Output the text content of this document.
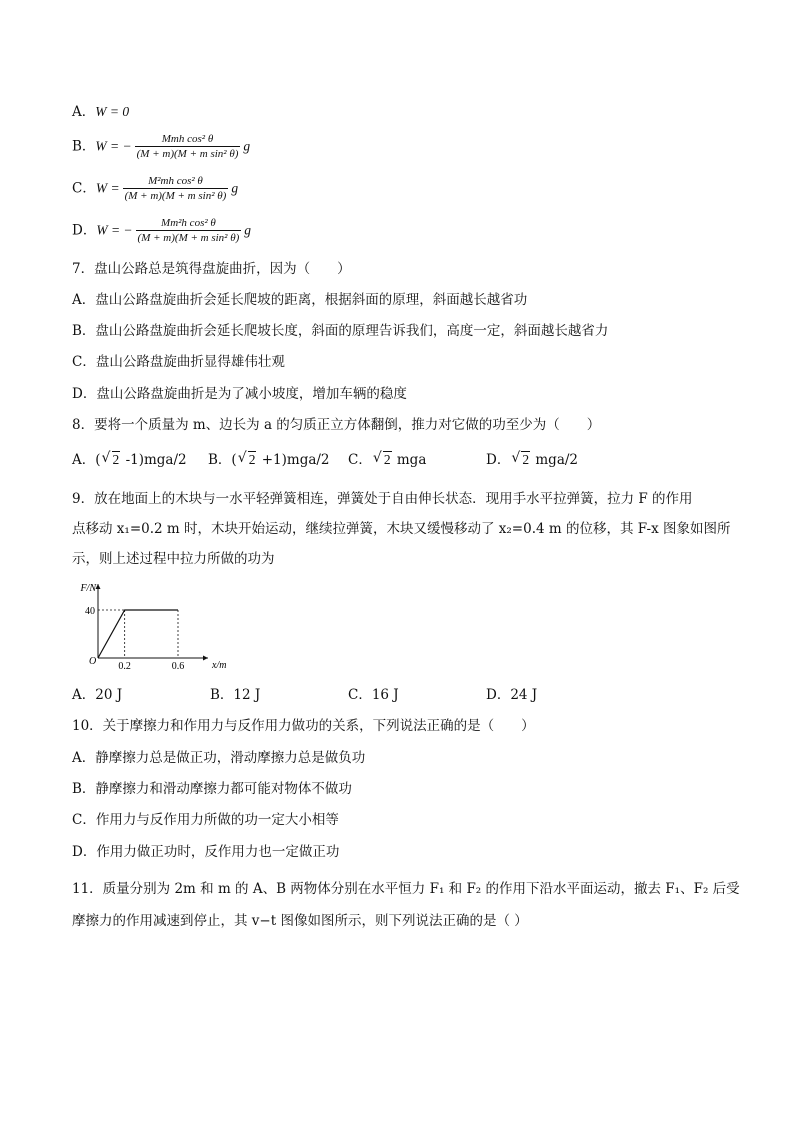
A．W = 0
B．W = − $\frac{\text{Mmh cos² θ}}{\text{(M + m)(M + m sin² θ)}}$ g
C．$W = \frac{\text{M²mh cos² θ}}{\text{(M + m)(M + m sin² θ)}}$ g
D．W = − $\frac{\text{Mm²h cos² θ}}{\text{(M + m)(M + m sin² θ)}}$ g
7．盘山公路总是筑得盘旋曲折，因为（　　）
A．盘山公路盘旋曲折会延长爬坡的距离，根据斜面的原理，斜面越长越省功
B．盘山公路盘旋曲折会延长爬坡长度，斜面的原理告诉我们，高度一定，斜面越长越省力
C．盘山公路盘旋曲折显得雄伟壮观
D．盘山公路盘旋曲折是为了减小坡度，增加车辆的稳度
8．要将一个质量为 m、边长为 a 的匀质正立方体翻倒，推力对它做的功至少为（　　）
A．( √ 2 -1)mga/2 B．( √ 2 +1)mga/2 C． √ 2 mga	D． √ 2 mga/2
9．放在地面上的木块与一水平轻弹簧相连，弹簧处于自由伸长状态．现用手水平拉弹簧，拉力 F 的作用
点移动 x₁=0.2 m 时，木块开始运动，继续拉弹簧，木块又缓慢移动了 x₂=0.4 m 的位移，其 F-x 图象如图所
示，则上述过程中拉力所做的功为
F/N
x/m
O
40
0.2	0.6
A．20 J	B．12 J	C．16 J	D．24 J
10．关于摩擦力和作用力与反作用力做功的关系，下列说法正确的是（　　）
A．静摩擦力总是做正功，滑动摩擦力总是做负功
B．静摩擦力和滑动摩擦力都可能对物体不做功
C．作用力与反作用力所做的功一定大小相等
D．作用力做正功时，反作用力也一定做正功
11．质量分别为 2m 和 m 的 A、B 两物体分别在水平恒力 F₁ 和 F₂ 的作用下沿水平面运动，撤去 F₁、F₂ 后受
摩擦力的作用减速到停止，其 v−t 图像如图所示，则下列说法正确的是（ ）
